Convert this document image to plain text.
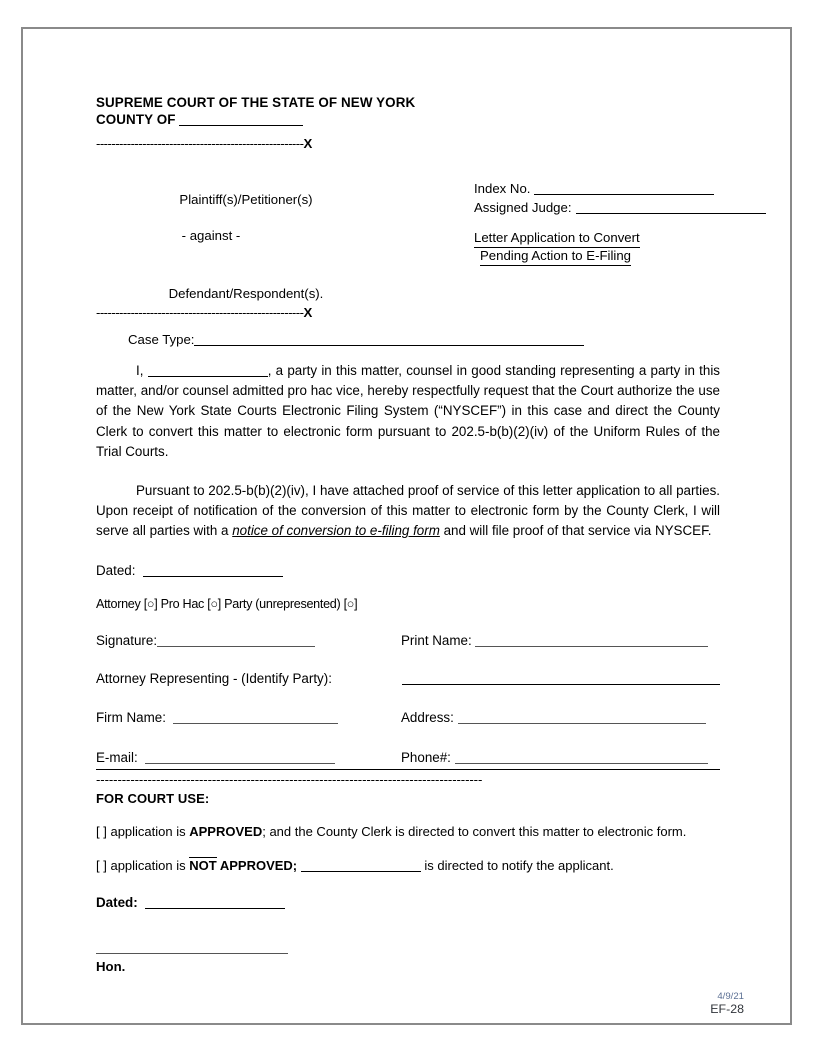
SUPREME COURT OF THE STATE OF NEW YORK
COUNTY OF
------------------------------------------------------X
Plaintiff(s)/Petitioner(s)
- against -
Defendant/Respondent(s).
------------------------------------------------------X
Index No.
Assigned Judge:
Letter Application to Convert
Pending Action to E-Filing
Case Type:

I,	, a party in this matter, counsel in good standing representing a party in this matter, and/or counsel admitted pro hac vice, hereby respectfully request that the Court authorize the use of the New York State Courts Electronic Filing System (“NYSCEF”) in this case and direct the County Clerk to convert this matter to electronic form pursuant to 202.5-b(b)(2)(iv) of the Uniform Rules of the Trial Courts.

Pursuant to 202.5-b(b)(2)(iv), I have attached proof of service of this letter application to all parties. Upon receipt of notification of the conversion of this matter to electronic form by the County Clerk, I will serve all parties with a notice of conversion to e-filing form and will file proof of that service via NYSCEF.

Dated:
Attorney [○] Pro Hac [○] Party (unrepresented) [○]
Signature:	Print Name:
Attorney Representing - (Identify Party):
Firm Name:	Address:
E-mail:	Phone#:
------------------------------------------------------------------------------------------
FOR COURT USE:
[ ] application is APPROVED; and the County Clerk is directed to convert this matter to electronic form.
[ ] application is NOT APPROVED;	is directed to notify the applicant.
Dated:
Hon.
4/9/21
EF-28
